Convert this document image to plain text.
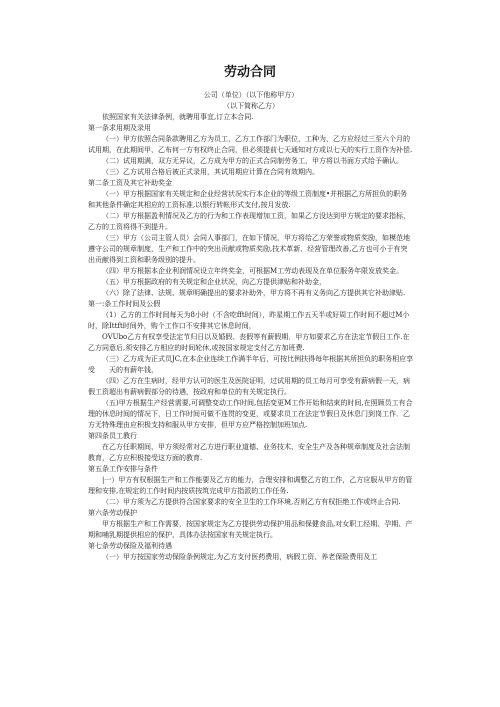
劳动合同

公司（单位）（以下他称甲方）

（以下简称乙方）

依照国家有关法律条例，就聘用事宜,订立本合同.

第一条求用期及录用

（一）甲方依照合同条款聘用乙方为员工，乙方工作部门为职位，工种为，乙方应经过三至六个月的试用期，在此期间甲、乙布何一方有权终止合同，但必须提前七天通知对方或以七天的实行工资作为补偿.

（二）试用期满，双方无异议，乙方成为甲方的正式合同制劳务工，甲方将以书面方式给予确认。

（三）乙方试用合格后被正式录用，其试用期应计算在合同有效期内。

第二条工资及其它补助奖金

（一）甲方根据国家有关规定和企业经营状况实行本企业的等级工资制度•并根据乙方所担负的职务和其他条件确定其相应的工资标准,以银行转帐形式支付,按月发放.

（二）甲方根据盈利情况及乙方的行为和工作表现增加工资，如果乙方没达到甲方规定的要求指标，乙方的工资将得不到提升。

（三）甲方（公司主管人员）会同人事部门，在如下情况，甲方将给乙方荣誉或物质奖励，如模范地遵守公司的规章制度，生产和工作中的突出贡献或物质奖励,技术革新、经营管理改善,乙方也可小于有突出贡献得到工资和职务级别的提升。

（四）甲方根据本企业利润情况设立年终奖金，可根据M工劳动表现及在单位服务年限发放奖金。

（五）甲方根据政府的有关规定和企业状况，向乙方提供津贴和补助金，

（六）除了法律、法规、规章明确提出的要求补助外，甲方将不再有义务向乙方提供其它补助津贴.

第一:条工作时间及公假

（1）乙方的工作时间每天为8小时（不含吃fft时间），昨星期工作五天半或好周工作时间不超过M小时，除Ittft时间外，购个工作口不安排其它休息时间，

OVUbo乙方有权享受法定节归日以及婚假、丧假等有薪假期．甲方如要求乙方在法定节假日工作.在乙方同意后,须安排乙方相应的时间轮休,或按国家规定支付乙方加班费.

（三）乙方成为正式员JC,在本企业连续工作满半年后，可按比例扶得每年根据其所担负的职务相应享受　　天的有薪年钱，

（四）乙方在生病时，经甲方认可的医生及医院证明，过试用期的员工每月可享受有薪病假一天，病假工资超出有薪病假部分的待遇，按政府和单位的有关规定执行。

（五)甲方根据生产经营需要,可调整变动工作时间,包括变更M工作开始和结束的时间,在照顾员工有合理的休息时间的情况下，日工作时间可做不连贯的变更，或要求员工在法定节假日及休息门到岗工作．乙方无特殊理由应积极支持和服从甲方安排，但甲方应严格控制加班加点.

第四条员工教行

在乙方任职期间，甲方须经常对乙方进行职业道德、业务技术、安全生产及各种规章制度及社会法制教育，乙方应积极接受这方面的教育.

第五条工作安排与条件

|一）甲方有权根据生产和工作能要及乙方的能力，合理安排和调整乙方的工作，乙方应服从甲方的管理和安排,在规定的工作时间内按质按筑完成甲方指派的工作任务.

（二）甲方须为乙方提供符合国家要求的安全卫生的工作环境,否则乙方有权拒绝工作或终止合同.

第六条劳动保护

甲方根据生产和工作需要，按国家规定为乙方提供劳动保护用品和保健食品,对女职工经期、孕期、产期和哺乳期提供相应的保护，具体办法按国家有关规定执行。

第七条劳动保险及福利待遇

（一）甲方按国家劳动保险条例规定,为乙方支付医药费用，病假工资、养老保险费用及工
